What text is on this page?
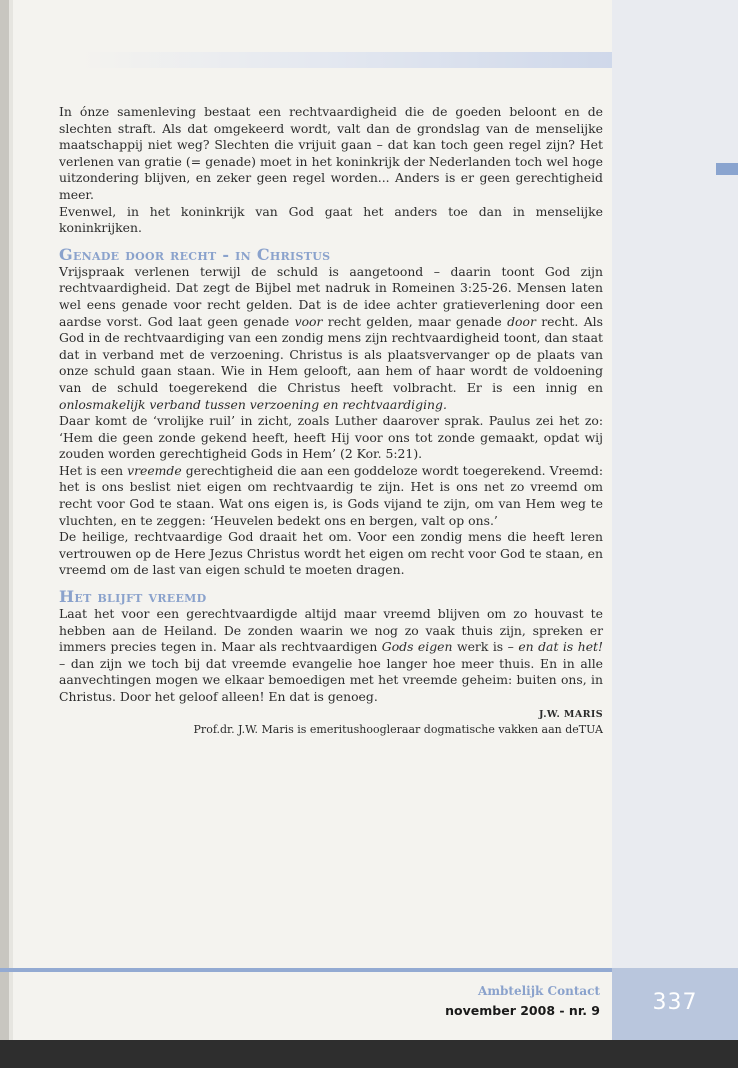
In ónze samenleving bestaat een rechtvaardigheid die de goeden beloont en de slechten straft. Als dat omgekeerd wordt, valt dan de grondslag van de menselijke maatschappij niet weg? Slechten die vrijuit gaan – dat kan toch geen regel zijn? Het verlenen van gratie (= genade) moet in het koninkrijk der Nederlanden toch wel hoge uitzondering blijven, en zeker geen regel worden... Anders is er geen gerechtigheid meer.

Evenwel, in het koninkrijk van God gaat het anders toe dan in menselijke koninkrijken.

Genade door recht - in Christus

Vrijspraak verlenen terwijl de schuld is aangetoond – daarin toont God zijn rechtvaardigheid. Dat zegt de Bijbel met nadruk in Romeinen 3:25-26. Mensen laten wel eens genade voor recht gelden. Dat is de idee achter gratieverlening door een aardse vorst. God laat geen genade voor recht gelden, maar genade door recht. Als God in de rechtvaardiging van een zondig mens zijn rechtvaardigheid toont, dan staat dat in verband met de verzoening. Christus is als plaatsvervanger op de plaats van onze schuld gaan staan. Wie in Hem gelooft, aan hem of haar wordt de voldoening van de schuld toegerekend die Christus heeft volbracht. Er is een innig en onlosmakelijk verband tussen verzoening en rechtvaardiging.

Daar komt de ‘vrolijke ruil’ in zicht, zoals Luther daarover sprak. Paulus zei het zo: ‘Hem die geen zonde gekend heeft, heeft Hij voor ons tot zonde gemaakt, opdat wij zouden worden gerechtigheid Gods in Hem’ (2 Kor. 5:21).

Het is een vreemde gerechtigheid die aan een goddeloze wordt toegerekend. Vreemd: het is ons beslist niet eigen om rechtvaardig te zijn. Het is ons net zo vreemd om recht voor God te staan. Wat ons eigen is, is Gods vijand te zijn, om van Hem weg te vluchten, en te zeggen: ‘Heuvelen bedekt ons en bergen, valt op ons.’

De heilige, rechtvaardige God draait het om. Voor een zondig mens die heeft leren vertrouwen op de Here Jezus Christus wordt het eigen om recht voor God te staan, en vreemd om de last van eigen schuld te moeten dragen.

Het blijft vreemd

Laat het voor een gerechtvaardigde altijd maar vreemd blijven om zo houvast te hebben aan de Heiland. De zonden waarin we nog zo vaak thuis zijn, spreken er immers precies tegen in. Maar als rechtvaardigen Gods eigen werk is – en dat is het! – dan zijn we toch bij dat vreemde evangelie hoe langer hoe meer thuis. En in alle aanvechtingen mogen we elkaar bemoedigen met het vreemde geheim: buiten ons, in Christus. Door het geloof alleen! En dat is genoeg.

J.W. MARIS
Prof.dr. J.W. Maris is emeritushoogleraar dogmatische vakken aan deTUA
337
Ambtelijk Contact
november 2008 - nr. 9
